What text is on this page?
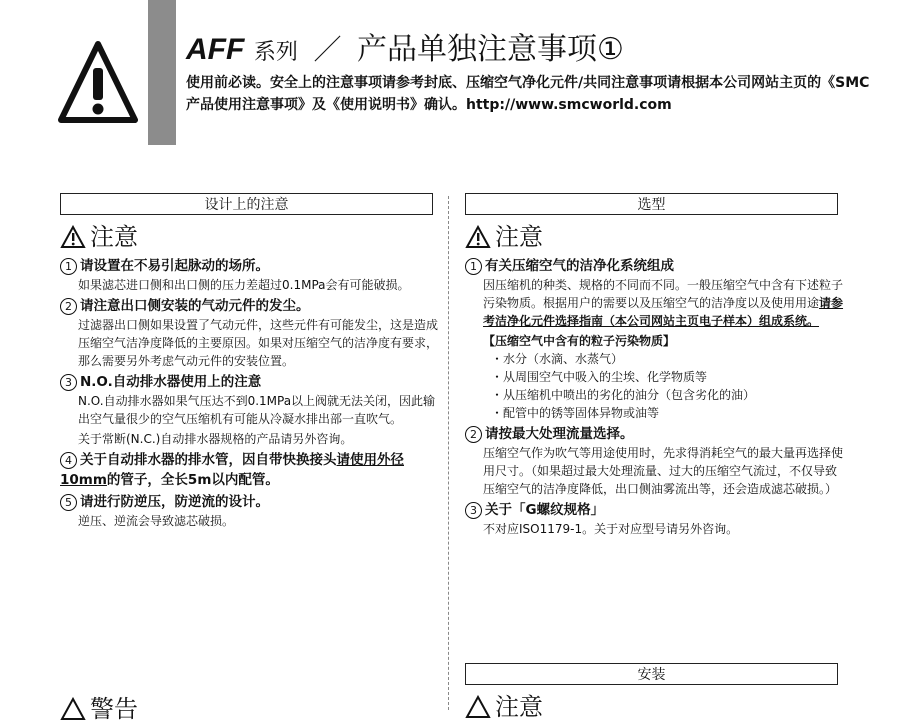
AFF 系列 ／ 产品单独注意事项①
使用前必读。安全上的注意事项请参考封底、压缩空气净化元件/共同注意事项请根据本公司网站主页的《SMC产品使用注意事项》及《使用说明书》确认。http://www.smcworld.com
设计上的注意
注意
1 请设置在不易引起脉动的场所。
如果滤芯进口侧和出口侧的压力差超过0.1MPa会有可能破损。
2 请注意出口侧安装的气动元件的发尘。
过滤器出口侧如果设置了气动元件，这些元件有可能发尘，这是造成压缩空气洁净度降低的主要原因。如果对压缩空气的洁净度有要求，那么需要另外考虑气动元件的安装位置。
3 N.O.自动排水器使用上的注意
N.O.自动排水器如果气压达不到0.1MPa以上阀就无法关闭，因此输出空气量很少的空气压缩机有可能从冷凝水排出部一直吹气。
关于常断(N.C.)自动排水器规格的产品请另外咨询。
4 关于自动排水器的排水管，因自带快换接头请使用外径10mm的管子，全长5m以内配管。
5 请进行防逆压，防逆流的设计。
逆压、逆流会导致滤芯破损。
警告
选型
注意
1 有关压缩空气的洁净化系统组成
因压缩机的种类、规格的不同而不同。一般压缩空气中含有下述粒子污染物质。根据用户的需要以及压缩空气的洁净度以及使用用途请参考洁净化元件选择指南（本公司网站主页电子样本）组成系统。
【压缩空气中含有的粒子污染物质】
・水分（水滴、水蒸气）
・从周围空气中吸入的尘埃、化学物质等
・从压缩机中喷出的劣化的油分（包含劣化的油）
・配管中的锈等固体异物或油等
2 请按最大处理流量选择。
压缩空气作为吹气等用途使用时，先求得消耗空气的最大量再选择使用尺寸。（如果超过最大处理流量、过大的压缩空气流过，不仅导致压缩空气的洁净度降低，出口侧油雾流出等，还会造成滤芯破损。）
3 关于「G螺纹规格」
不对应ISO1179-1。关于对应型号请另外咨询。
安装
注意
